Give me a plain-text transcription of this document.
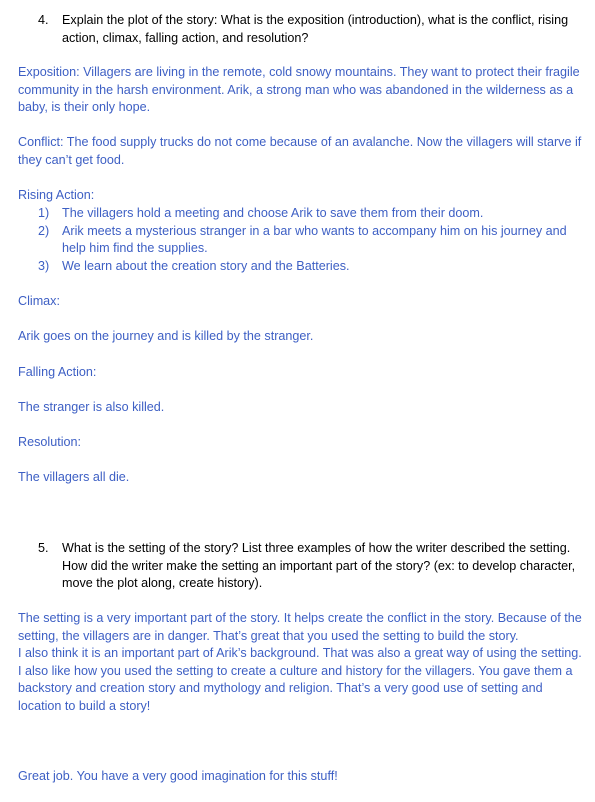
4. Explain the plot of the story: What is the exposition (introduction), what is the conflict, rising action, climax, falling action, and resolution?

Exposition: Villagers are living in the remote, cold snowy mountains. They want to protect their fragile community in the harsh environment. Arik, a strong man who was abandoned in the wilderness as a baby, is their only hope.

Conflict: The food supply trucks do not come because of an avalanche. Now the villagers will starve if they can’t get food.

Rising Action:

1) The villagers hold a meeting and choose Arik to save them from their doom.
2) Arik meets a mysterious stranger in a bar who wants to accompany him on his journey and help him find the supplies.
3) We learn about the creation story and the Batteries.

Climax:

Arik goes on the journey and is killed by the stranger.

Falling Action:

The stranger is also killed.

Resolution:

The villagers all die.

5. What is the setting of the story? List three examples of how the writer described the setting. How did the writer make the setting an important part of the story? (ex: to develop character, move the plot along, create history).

The setting is a very important part of the story. It helps create the conflict in the story. Because of the setting, the villagers are in danger. That’s great that you used the setting to build the story.

I also think it is an important part of Arik’s background. That was also a great way of using the setting.

I also like how you used the setting to create a culture and history for the villagers. You gave them a backstory and creation story and mythology and religion. That’s a very good use of setting and location to build a story!

Great job. You have a very good imagination for this stuff!
